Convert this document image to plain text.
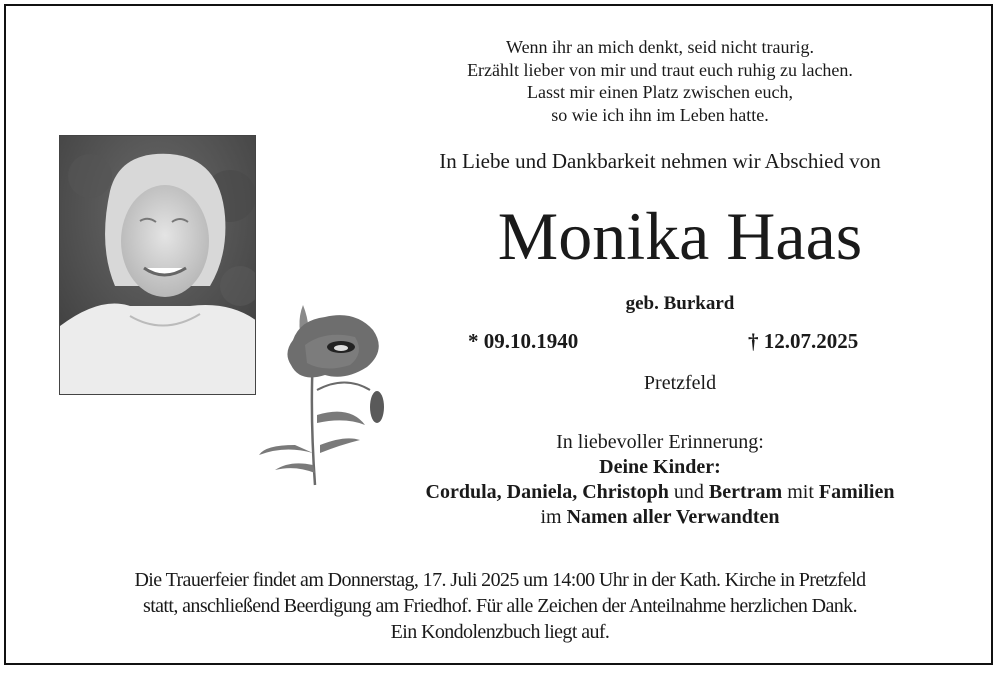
Wenn ihr an mich denkt, seid nicht traurig.
Erzählt lieber von mir und traut euch ruhig zu lachen.
Lasst mir einen Platz zwischen euch,
so wie ich ihn im Leben hatte.
In Liebe und Dankbarkeit nehmen wir Abschied von
Monika Haas
geb. Burkard
* 09.10.1940	† 12.07.2025
Pretzfeld
In liebevoller Erinnerung:
Deine Kinder:
Cordula, Daniela, Christoph und Bertram mit Familien
im Namen aller Verwandten
Die Trauerfeier findet am Donnerstag, 17. Juli 2025 um 14:00 Uhr in der Kath. Kirche in Pretzfeld
statt, anschließend Beerdigung am Friedhof. Für alle Zeichen der Anteilnahme herzlichen Dank.
Ein Kondolenzbuch liegt auf.
